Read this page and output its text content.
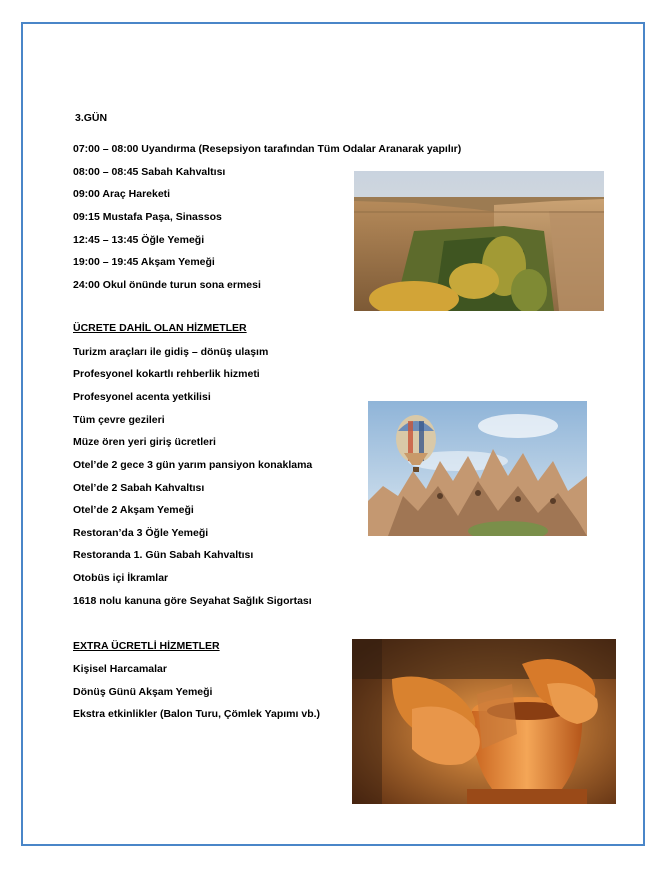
3.GÜN
07:00 – 08:00 Uyandırma (Resepsiyon tarafından Tüm Odalar Aranarak yapılır)
08:00 – 08:45 Sabah Kahvaltısı
09:00 Araç Hareketi
09:15 Mustafa Paşa, Sinassos
12:45 – 13:45 Öğle Yemeği
19:00 – 19:45 Akşam Yemeği
24:00 Okul önünde turun sona ermesi
ÜCRETE DAHİL OLAN HİZMETLER
Turizm araçları ile gidiş – dönüş ulaşım
Profesyonel kokartlı rehberlik hizmeti
Profesyonel acenta yetkilisi
Tüm çevre gezileri
Müze ören yeri giriş ücretleri
Otel’de 2 gece 3 gün yarım pansiyon konaklama
Otel’de 2 Sabah Kahvaltısı
Otel’de 2 Akşam Yemeği
Restoran’da 3 Öğle Yemeği
Restoranda 1. Gün Sabah Kahvaltısı
Otobüs içi İkramlar
1618 nolu kanuna göre Seyahat Sağlık Sigortası
EXTRA ÜCRETLİ HİZMETLER
Kişisel Harcamalar
Dönüş Günü Akşam Yemeği
Ekstra etkinlikler (Balon Turu, Çömlek Yapımı vb.)
